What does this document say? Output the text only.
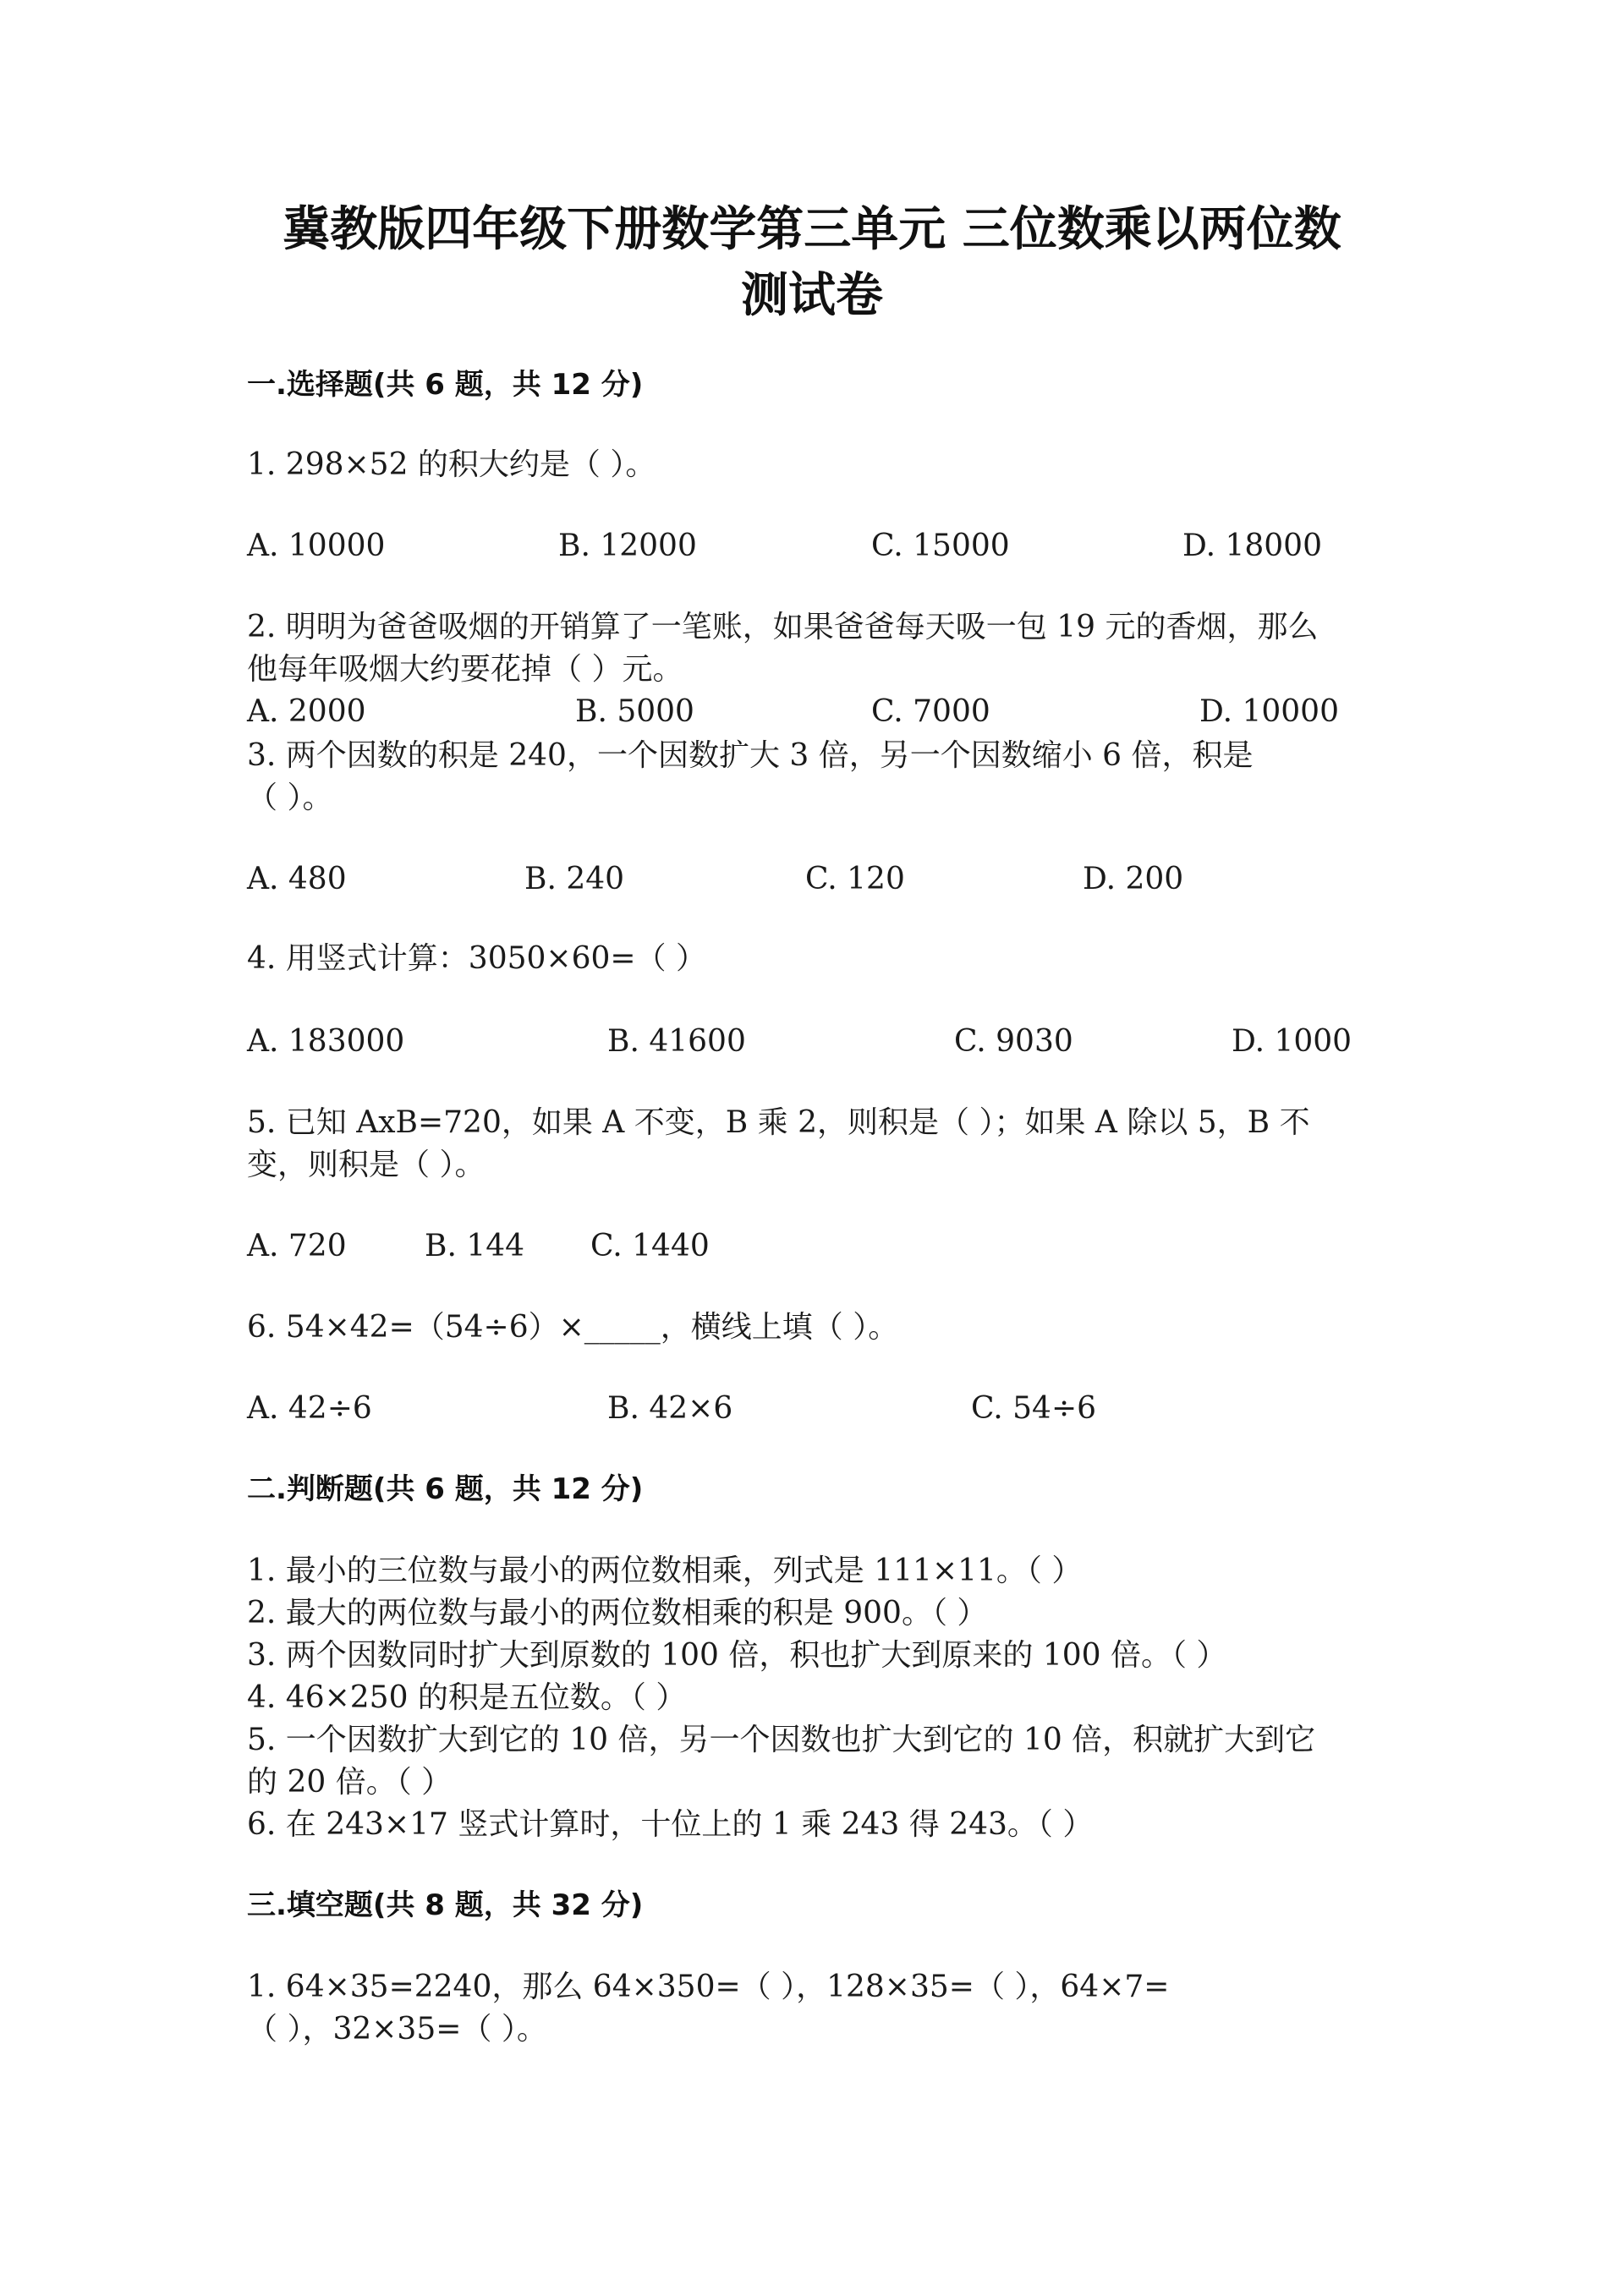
冀教版四年级下册数学第三单元 三位数乘以两位数
测试卷
一.选择题(共 6 题，共 12 分)
1. 298×52 的积大约是（ ）。
A. 10000	B. 12000	C. 15000	D. 18000
2. 明明为爸爸吸烟的开销算了一笔账，如果爸爸每天吸一包 19 元的香烟，那么
他每年吸烟大约要花掉（ ）元。
A. 2000	B. 5000	C. 7000	D. 10000
3. 两个因数的积是 240，一个因数扩大 3 倍，另一个因数缩小 6 倍，积是
（ ）。
A. 480	B. 240	C. 120	D. 200
4. 用竖式计算：3050×60=（ ）
A. 183000	B. 41600	C. 9030	D. 1000
5. 已知 AxB=720，如果 A 不变，B 乘 2，则积是（ ）；如果 A 除以 5，B 不
变，则积是（ ）。
A. 720	B. 144 C. 1440
6. 54×42=（54÷6）×_____，横线上填（ ）。
A. 42÷6	B. 42×6	C. 54÷6
二.判断题(共 6 题，共 12 分)
1. 最小的三位数与最小的两位数相乘，列式是 111×11。（ ）
2. 最大的两位数与最小的两位数相乘的积是 900。（ ）
3. 两个因数同时扩大到原数的 100 倍，积也扩大到原来的 100 倍。（ ）
4. 46×250 的积是五位数。（ ）
5. 一个因数扩大到它的 10 倍，另一个因数也扩大到它的 10 倍，积就扩大到它
的 20 倍。（ ）
6. 在 243×17 竖式计算时，十位上的 1 乘 243 得 243。（ ）
三.填空题(共 8 题，共 32 分)
1. 64×35=2240，那么 64×350=（ ），128×35=（ ），64×7=
（ ），32×35=（ ）。
